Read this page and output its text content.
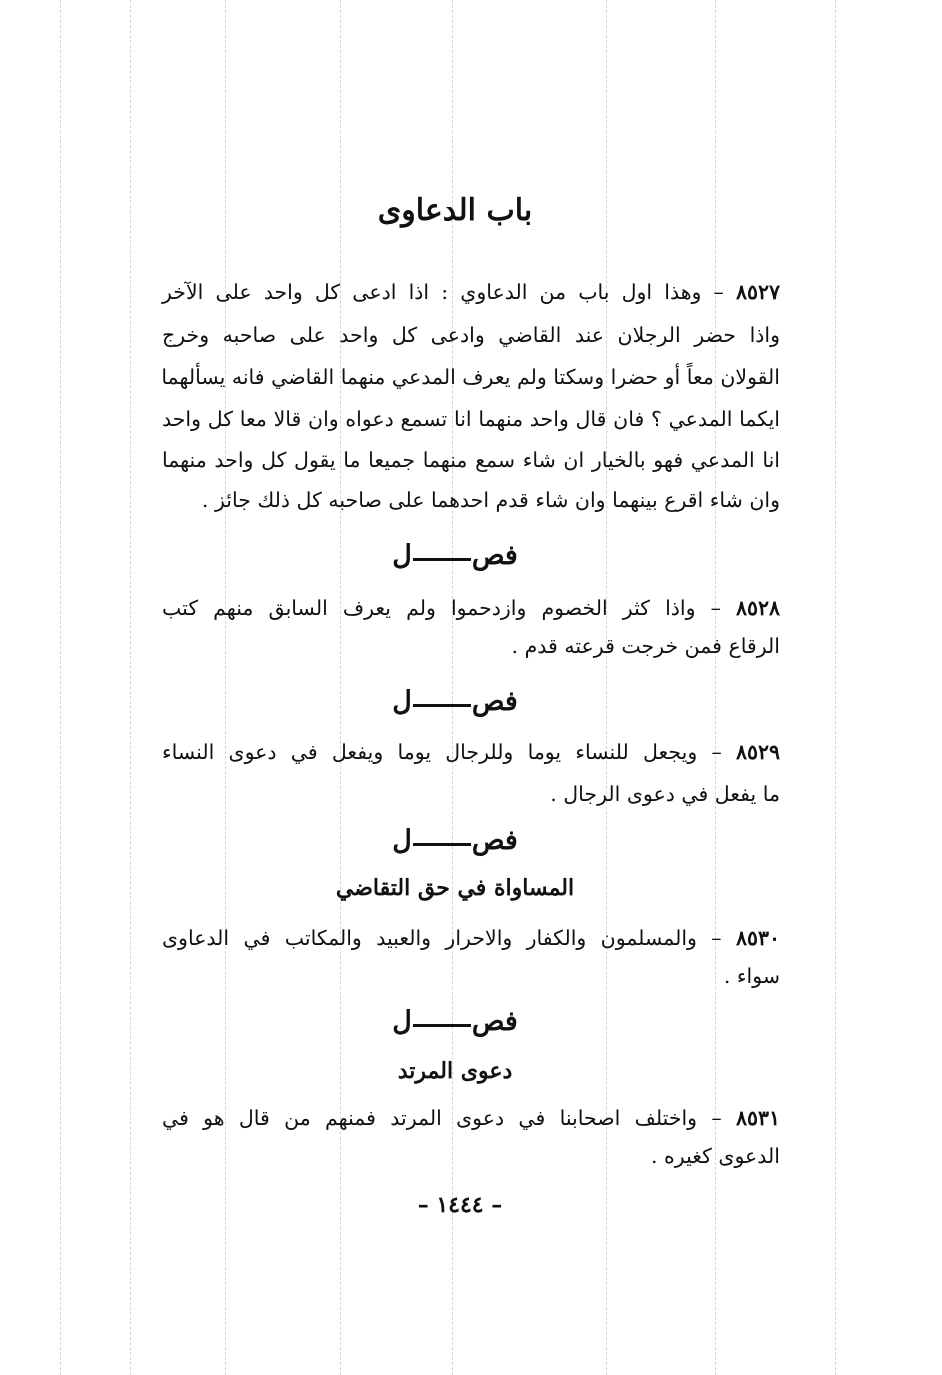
باب الدعاوى
٨٥٢٧ – وهذا اول باب من الدعاوي : اذا ادعى كل واحد على الآخر
واذا حضر الرجلان عند القاضي وادعى كل واحد على صاحبه وخرج
القولان معاً أو حضرا وسكتا ولم يعرف المدعي منهما القاضي فانه يسألهما
ايكما المدعي ؟ فان قال واحد منهما انا تسمع دعواه وان قالا معا كل واحد
انا المدعي فهو بالخيار ان شاء سمع منهما جميعا ما يقول كل واحد منهما
وان شاء اقرع بينهما وان شاء قدم احدهما على صاحبه كل ذلك جائز .
فصل
٨٥٢٨ – واذا كثر الخصوم وازدحموا ولم يعرف السابق منهم كتب
الرقاع فمن خرجت قرعته قدم .
فصل
٨٥٢٩ – ويجعل للنساء يوما وللرجال يوما ويفعل في دعوى النساء
ما يفعل في دعوى الرجال .
فصل
المساواة في حق التقاضي
٨٥٣٠ – والمسلمون والكفار والاحرار والعبيد والمكاتب في الدعاوى
سواء .
فصل
دعوى المرتد
٨٥٣١ – واختلف اصحابنا في دعوى المرتد فمنهم من قال هو في
الدعوى كغيره .
– ١٤٤٤ –
